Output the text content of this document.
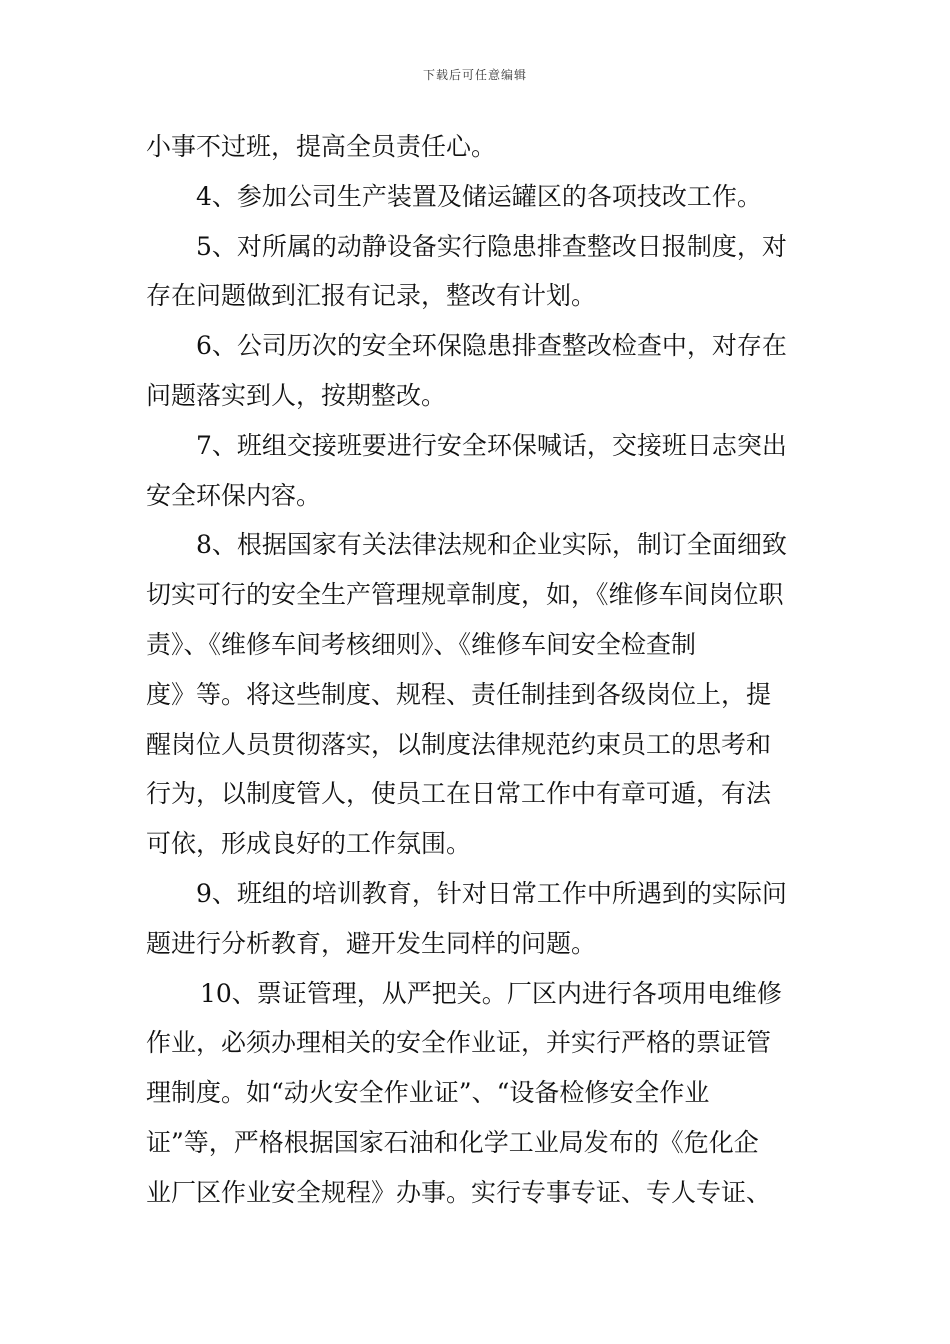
下载后可任意编辑
小事不过班，提高全员责任心。
4、参加公司生产装置及储运罐区的各项技改工作。
5、对所属的动静设备实行隐患排查整改日报制度，对
存在问题做到汇报有记录，整改有计划。
6、公司历次的安全环保隐患排查整改检查中，对存在
问题落实到人，按期整改。
7、班组交接班要进行安全环保喊话，交接班日志突出
安全环保内容。
8、根据国家有关法律法规和企业实际，制订全面细致
切实可行的安全生产管理规章制度，如，《维修车间岗位职
责》、《维修车间考核细则》、《维修车间安全检查制
度》等。将这些制度、规程、责任制挂到各级岗位上，提
醒岗位人员贯彻落实，以制度法律规范约束员工的思考和
行为，以制度管人，使员工在日常工作中有章可遁，有法
可依，形成良好的工作氛围。
9、班组的培训教育，针对日常工作中所遇到的实际问
题进行分析教育，避开发生同样的问题。
10、票证管理，从严把关。厂区内进行各项用电维修
作业，必须办理相关的安全作业证，并实行严格的票证管
理制度。如“动火安全作业证”、“设备检修安全作业
证”等，严格根据国家石油和化学工业局发布的《危化企
业厂区作业安全规程》办事。实行专事专证、专人专证、
